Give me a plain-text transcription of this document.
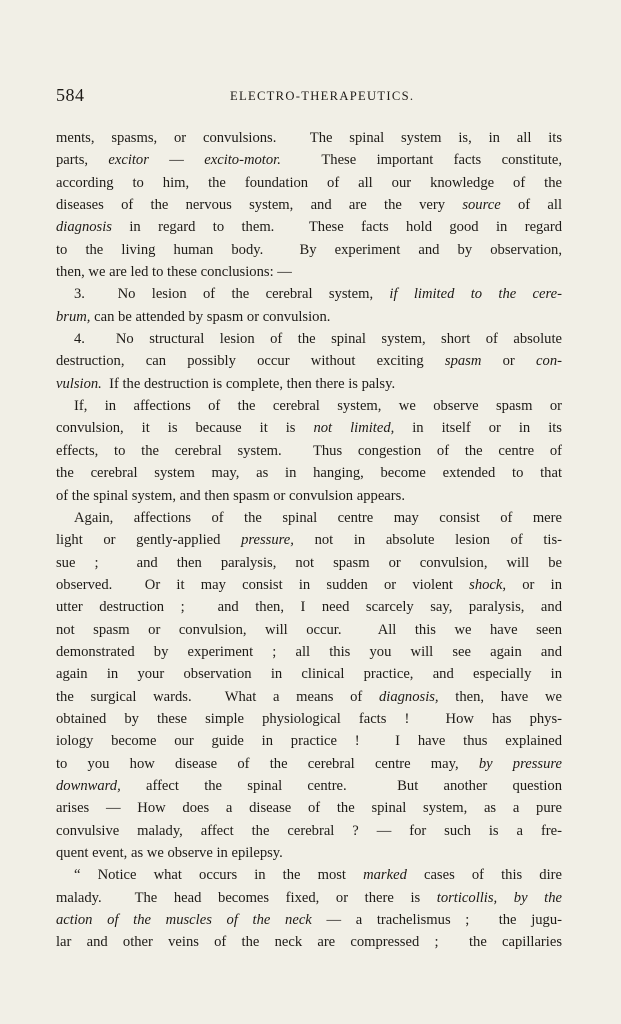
584	ELECTRO-THERAPEUTICS.
ments, spasms, or convulsions.  The spinal system is, in all its
parts, excitor — excito-motor.  These important facts constitute,
according to him, the foundation of all our knowledge of the
diseases of the nervous system, and are the very source of all
diagnosis in regard to them.  These facts hold good in regard
to the living human body.  By experiment and by observation,
then, we are led to these conclusions: —
3.  No lesion of the cerebral system, if limited to the cere-
brum, can be attended by spasm or convulsion.
4.  No structural lesion of the spinal system, short of absolute
destruction, can possibly occur without exciting spasm or con-
vulsion.  If the destruction is complete, then there is palsy.
If, in affections of the cerebral system, we observe spasm or
convulsion, it is because it is not limited, in itself or in its
effects, to the cerebral system.  Thus congestion of the centre of
the cerebral system may, as in hanging, become extended to that
of the spinal system, and then spasm or convulsion appears.
Again, affections of the spinal centre may consist of mere
light or gently-applied pressure, not in absolute lesion of tis-
sue ;  and then paralysis, not spasm or convulsion, will be
observed.  Or it may consist in sudden or violent shock, or in
utter destruction ;  and then, I need scarcely say, paralysis, and
not spasm or convulsion, will occur.  All this we have seen
demonstrated by experiment ; all this you will see again and
again in your observation in clinical practice, and especially in
the surgical wards.  What a means of diagnosis, then, have we
obtained by these simple physiological facts !  How has phys-
iology become our guide in practice !  I have thus explained
to you how disease of the cerebral centre may, by pressure
downward, affect the spinal centre.  But another question
arises — How does a disease of the spinal system, as a pure
convulsive malady, affect the cerebral ? — for such is a fre-
quent event, as we observe in epilepsy.
“ Notice what occurs in the most marked cases of this dire
malady.  The head becomes fixed, or there is torticollis, by the
action of the muscles of the neck — a trachelismus ;  the jugu-
lar and other veins of the neck are compressed ;  the capillaries
